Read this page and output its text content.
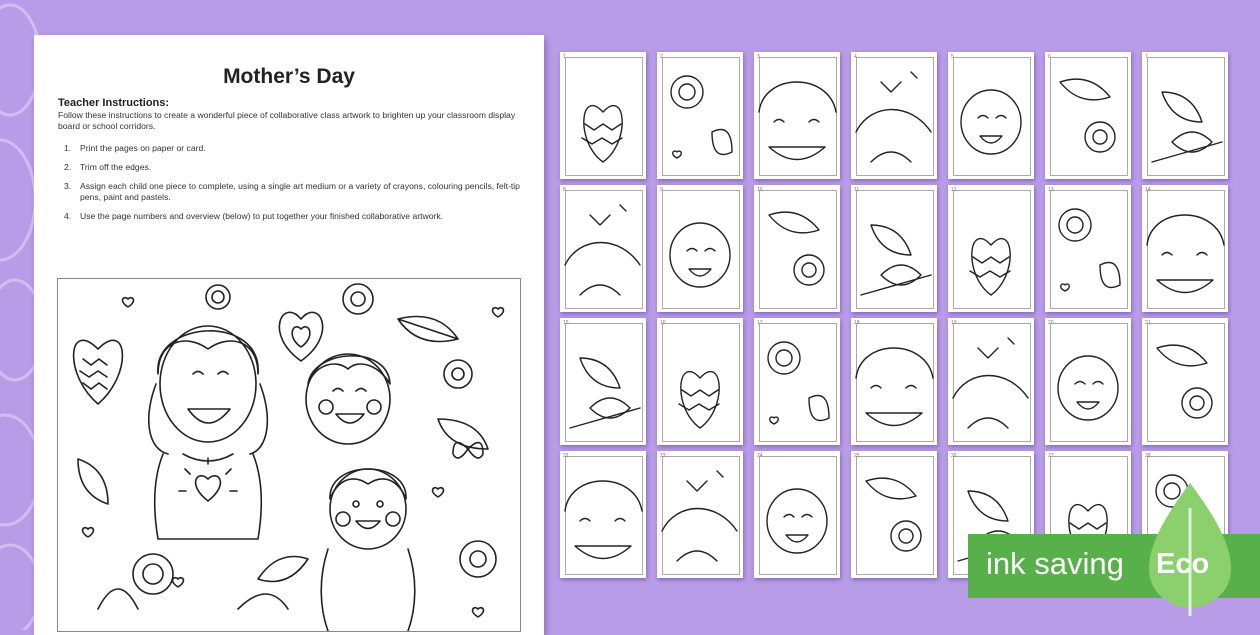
Mother’s Day
Teacher Instructions:
Follow these instructions to create a wonderful piece of collaborative class artwork to brighten up your classroom display board or school corridors.
1.	Print the pages on paper or card.
2.	Trim off the edges.
3.	Assign each child one piece to complete, using a single art medium or a variety of crayons, colouring pencils, felt-tip pens, paint and pastels.
4.	Use the page numbers and overview (below) to put together your finished collaborative artwork.
1	2	3	4	5	6	7
8	9	10	11	12	13	14
15	16	17	18	19	20	21
22	23	24	25	26	27	28
ink saving Eco
